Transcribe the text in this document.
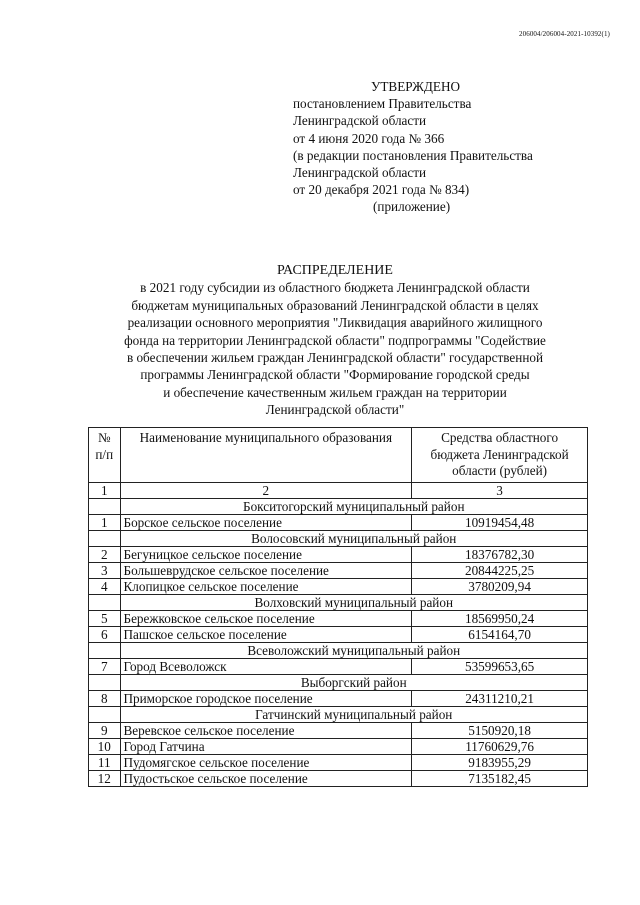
206004/206004-2021-10392(1)
УТВЕРЖДЕНО
постановлением Правительства
Ленинградской области
от 4 июня 2020 года № 366
(в редакции постановления Правительства
Ленинградской области
от 20 декабря 2021 года № 834)
(приложение)
РАСПРЕДЕЛЕНИЕ
в 2021 году субсидии из областного бюджета Ленинградской области
бюджетам муниципальных образований Ленинградской области в целях
реализации основного мероприятия "Ликвидация аварийного жилищного
фонда на территории Ленинградской области" подпрограммы "Содействие
в обеспечении жильем граждан Ленинградской области" государственной
программы Ленинградской области "Формирование городской среды
и обеспечение качественным жильем граждан на территории
Ленинградской области"
№ п/п	Наименование муниципального образования	Средства областного бюджета Ленинградской области (рублей)
1	2	3
	Бокситогорский муниципальный район	
1	Борское сельское поселение	10919454,48
	Волосовский муниципальный район	
2	Бегуницкое сельское поселение	18376782,30
3	Большеврудское сельское поселение	20844225,25
4	Клопицкое сельское поселение	3780209,94
	Волховский муниципальный район	
5	Бережковское сельское поселение	18569950,24
6	Пашское сельское поселение	6154164,70
	Всеволожский муниципальный район	
7	Город Всеволожск	53599653,65
	Выборгский район	
8	Приморское городское поселение	24311210,21
	Гатчинский муниципальный район	
9	Веревское сельское поселение	5150920,18
10	Город Гатчина	11760629,76
11	Пудомягское сельское поселение	9183955,29
12	Пудостьское сельское поселение	7135182,45
